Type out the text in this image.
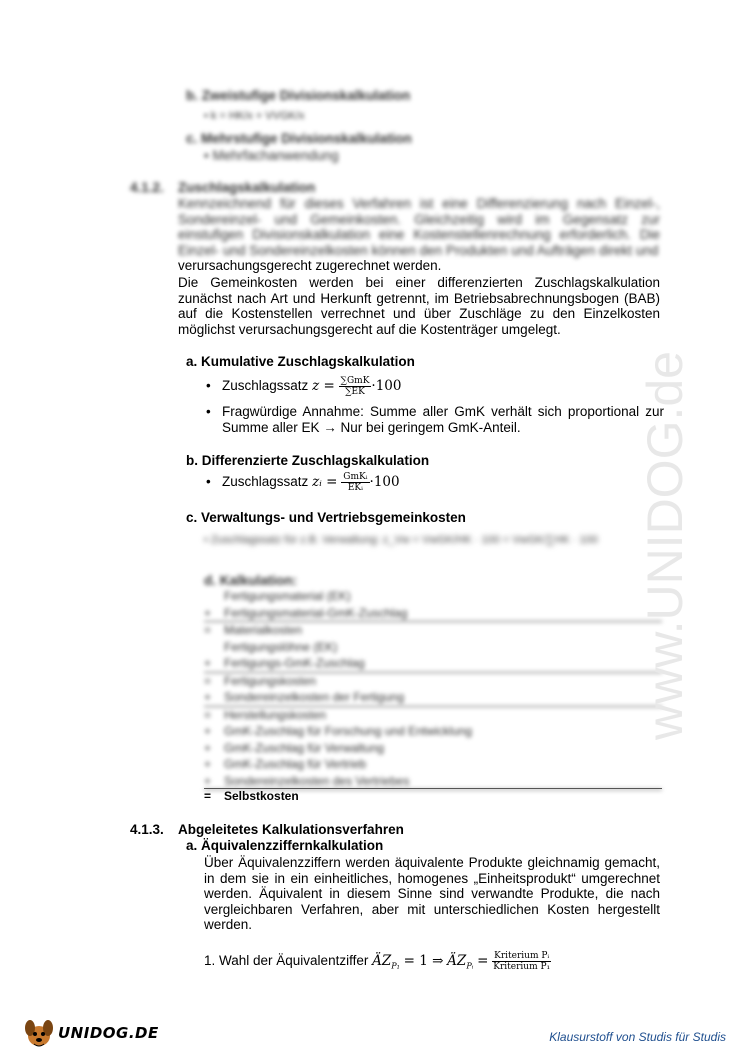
b. Zweistufige Divisionskalkulation
• k = HK/x + VVGK/x
c. Mehrstufige Divisionskalkulation
• Mehrfachanwendung
4.1.2. Zuschlagskalkulation
Kennzeichnend für dieses Verfahren ist eine Differenzierung nach Einzel-, Sondereinzel- und Gemeinkosten. Gleichzeitig wird im Gegensatz zur einstufigen Divisionskalkulation eine Kostenstellenrechnung erforderlich. Die Einzel- und Sondereinzelkosten können den Produkten und Aufträgen direkt und
verursachungsgerecht zugerechnet werden.
Die Gemeinkosten werden bei einer differenzierten Zuschlagskalkulation zunächst nach Art und Herkunft getrennt, im Betriebsabrechnungsbogen (BAB) auf die Kostenstellen verrechnet und über Zuschläge zu den Einzelkosten möglichst verursachungsgerecht auf die Kostenträger umgelegt.
a. Kumulative Zuschlagskalkulation
• Zuschlagssatz $z = \frac{\text{∑GmK}}{\sum EK} \cdot 100$
• Fragwürdige Annahme: Summe aller GmK verhält sich proportional zur Summe aller EK → Nur bei geringem GmK-Anteil.
b. Differenzierte Zuschlagskalkulation
• Zuschlagssatz zᵢ = $\frac{\text{GmKᵢ}}{\text{EKᵢ}} \cdot 100$
c. Verwaltungs- und Vertriebsgemeinkosten
• Zuschlagssatz für z.B. Verwaltung: z_Vw = VwGK/HK · 100 = VwGK/∑HK · 100
d. Kalkulation:
Fertigungsmaterial (EK)
+	Fertigungsmaterial-GmK-Zuschlag
=	Materialkosten
Fertigungslöhne (EK)
+	Fertigungs-GmK-Zuschlag
=	Fertigungskosten
+	Sondereinzelkosten der Fertigung
=	Herstellungskosten
+	GmK-Zuschlag für Forschung und Entwicklung
+	GmK-Zuschlag für Verwaltung
+	GmK-Zuschlag für Vertrieb
+	Sondereinzelkosten des Vertriebes
= Selbstkosten
4.1.3. Abgeleitetes Kalkulationsverfahren
a. Äquivalenzziffernkalkulation
Über Äquivalenzziffern werden äquivalente Produkte gleichnamig gemacht, in dem sie in ein einheitliches, homogenes „Einheitsprodukt“ umgerechnet werden. Äquivalent in diesem Sinne sind verwandte Produkte, die nach vergleichbaren Verfahren, aber mit unterschiedlichen Kosten hergestellt werden.
1. Wahl der Äquivalentziffer $ÄZ_{P_1} = 1$ ⇒ $ÄZ_{Pᵢ} = \frac{\text{Kriterium Pᵢ}}{\text{Kriterium P₁}}$
www.UNIDOG.de
UNIDOG.DE	Klausurstoff von Studis für Studis
